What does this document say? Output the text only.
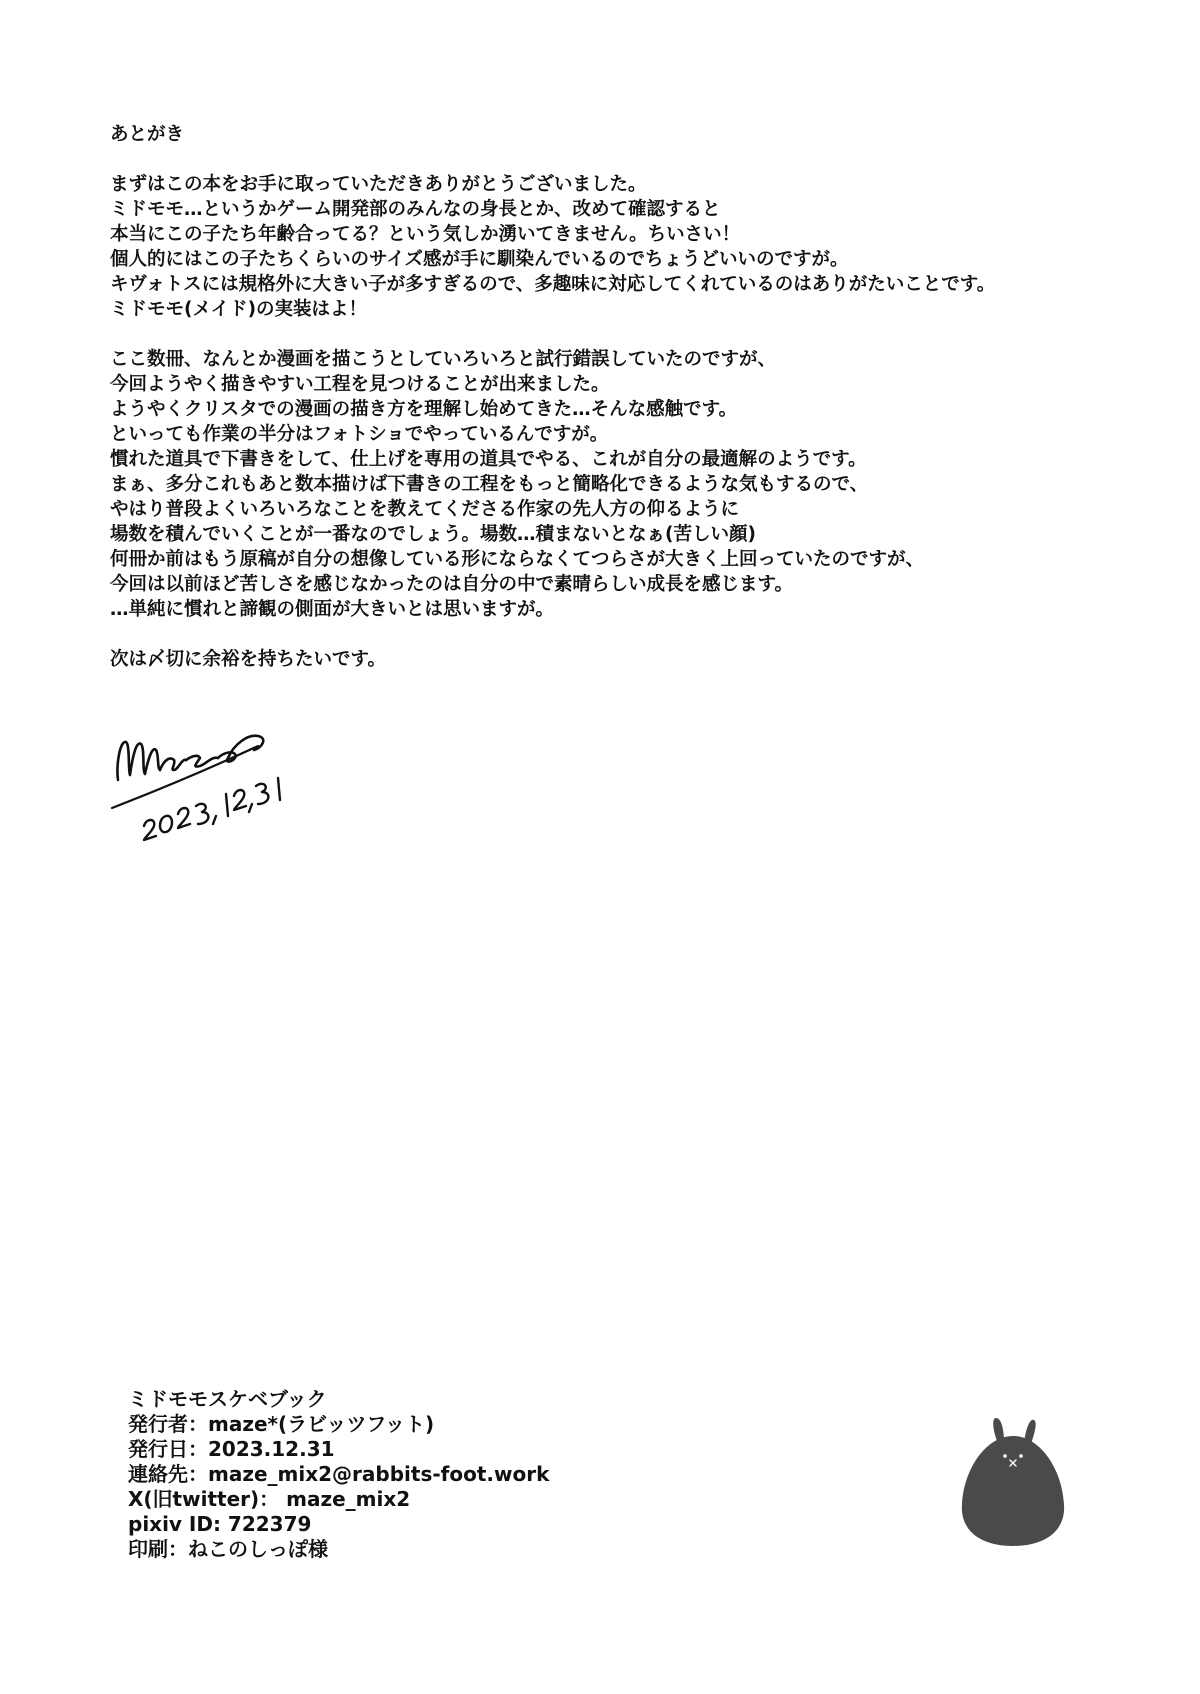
あとがき
まずはこの本をお手に取っていただきありがとうございました。
ミドモモ…というかゲーム開発部のみんなの身長とか、改めて確認すると
本当にこの子たち年齢合ってる？という気しか湧いてきません。ちいさい！
個人的にはこの子たちくらいのサイズ感が手に馴染んでいるのでちょうどいいのですが。
キヴォトスには規格外に大きい子が多すぎるので、多趣味に対応してくれているのはありがたいことです。
ミドモモ(メイド)の実装はよ！
ここ数冊、なんとか漫画を描こうとしていろいろと試行錯誤していたのですが、
今回ようやく描きやすい工程を見つけることが出来ました。
ようやくクリスタでの漫画の描き方を理解し始めてきた…そんな感触です。
といっても作業の半分はフォトショでやっているんですが。
慣れた道具で下書きをして、仕上げを専用の道具でやる、これが自分の最適解のようです。
まぁ、多分これもあと数本描けば下書きの工程をもっと簡略化できるような気もするので、
やはり普段よくいろいろなことを教えてくださる作家の先人方の仰るように
場数を積んでいくことが一番なのでしょう。場数…積まないとなぁ(苦しい顔)
何冊か前はもう原稿が自分の想像している形にならなくてつらさが大きく上回っていたのですが、
今回は以前ほど苦しさを感じなかったのは自分の中で素晴らしい成長を感じます。
…単純に慣れと諦観の側面が大きいとは思いますが。
次は〆切に余裕を持ちたいです。
ミドモモスケベブック
発行者：maze*(ラビッツフット)
発行日：2023.12.31
連絡先：maze_mix2@rabbits-foot.work
X(旧twitter)： maze_mix2
pixiv ID: 722379
印刷：ねこのしっぽ様
